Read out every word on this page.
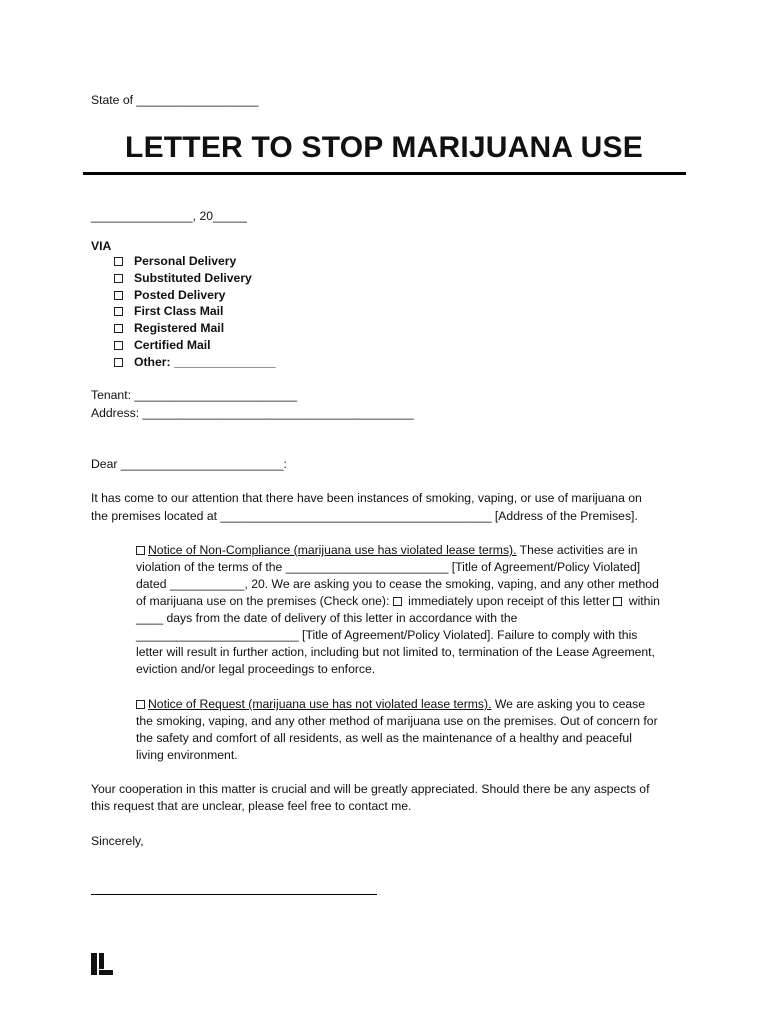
State of __________________
LETTER TO STOP MARIJUANA USE
_______________, 20_____
VIA
Personal Delivery
Substituted Delivery
Posted Delivery
First Class Mail
Registered Mail
Certified Mail
Other: _______________
Tenant: ________________________
Address: ________________________________________
Dear ________________________:
It has come to our attention that there have been instances of smoking, vaping, or use of marijuana on
the premises located at ________________________________________ [Address of the Premises].
Notice of Non-Compliance (marijuana use has violated lease terms). These activities are in
violation of the terms of the ________________________ [Title of Agreement/Policy Violated]
dated ___________, 20. We are asking you to cease the smoking, vaping, and any other method
of marijuana use on the premises (Check one):  immediately upon receipt of this letter  within
____ days from the date of delivery of this letter in accordance with the
________________________ [Title of Agreement/Policy Violated]. Failure to comply with this
letter will result in further action, including but not limited to, termination of the Lease Agreement,
eviction and/or legal proceedings to enforce.
Notice of Request (marijuana use has not violated lease terms). We are asking you to cease
the smoking, vaping, and any other method of marijuana use on the premises. Out of concern for
the safety and comfort of all residents, as well as the maintenance of a healthy and peaceful
living environment.
Your cooperation in this matter is crucial and will be greatly appreciated. Should there be any aspects of
this request that are unclear, please feel free to contact me.
Sincerely,
